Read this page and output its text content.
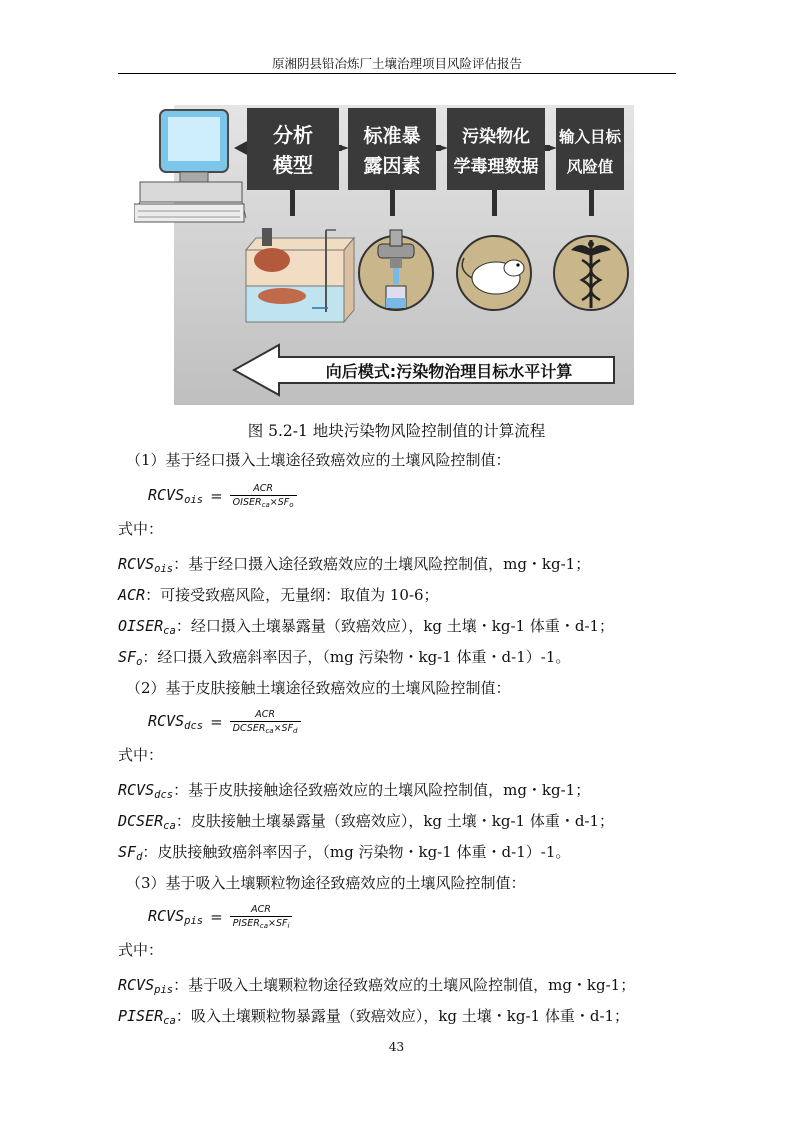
原湘阴县铅冶炼厂土壤治理项目风险评估报告
分析
模型
标准暴
露因素
污染物化
学毒理数据
输入目标
风险值
向后模式:污染物治理目标水平计算
图 5.2-1 地块污染物风险控制值的计算流程
（1）基于经口摄入土壤途径致癌效应的土壤风险控制值：
$RCVS_{ois} = \frac{\text{ACR}}{OISER_{ca}\times SF_o}$
式中：
$RCVS_{ois}$：基于经口摄入途径致癌效应的土壤风险控制值，mg・kg-1；
ACR：可接受致癌风险，无量纲：取值为 10-6；
$OISER_{ca}$：经口摄入土壤暴露量（致癌效应），kg 土壤・kg-1 体重・d-1；
$SF_o$：经口摄入致癌斜率因子，（mg 污染物・kg-1 体重・d-1）-1。
（2）基于皮肤接触土壤途径致癌效应的土壤风险控制值：
$RCVS_{dcs} = \frac{\text{ACR}}{DCSER_{ca}\times SF_d}$
式中：
$RCVS_{dcs}$：基于皮肤接触途径致癌效应的土壤风险控制值，mg・kg-1；
$DCSER_{ca}$：皮肤接触土壤暴露量（致癌效应），kg 土壤・kg-1 体重・d-1；
$SF_d$：皮肤接触致癌斜率因子，（mg 污染物・kg-1 体重・d-1）-1。
（3）基于吸入土壤颗粒物途径致癌效应的土壤风险控制值：
$RCVS_{pis} = \frac{\text{ACR}}{PISER_{ca}\times SF_i}$
式中：
$RCVS_{pis}$：基于吸入土壤颗粒物途径致癌效应的土壤风险控制值，mg・kg-1；
$PISER_{ca}$：吸入土壤颗粒物暴露量（致癌效应），kg 土壤・kg-1 体重・d-1；
43
